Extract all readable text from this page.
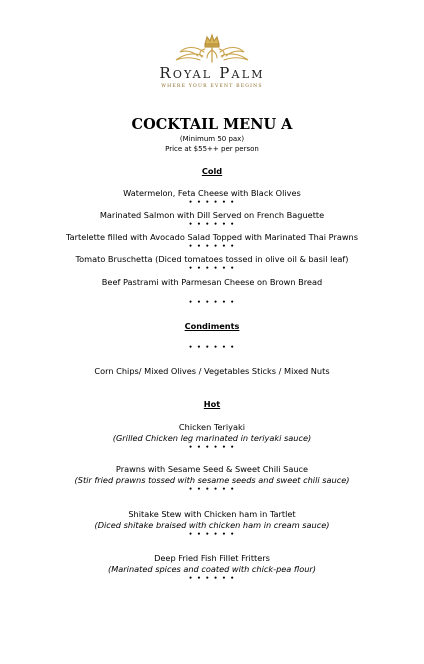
Royal Palm
WHERE YOUR EVENT BEGINS
COCKTAIL MENU A
(Minimum 50 pax)
Price at $55++ per person
Cold
Watermelon, Feta Cheese with Black Olives
• • • • • •
Marinated Salmon with Dill Served on French Baguette
• • • • • •
Tartelette filled with Avocado Salad Topped with Marinated Thai Prawns
• • • • • •
Tomato Bruschetta (Diced tomatoes tossed in olive oil & basil leaf)
• • • • • •
Beef Pastrami with Parmesan Cheese on Brown Bread
• • • • • •
Condiments
• • • • • •
Corn Chips/ Mixed Olives / Vegetables Sticks / Mixed Nuts
Hot
Chicken Teriyaki
(Grilled Chicken leg marinated in teriyaki sauce)
• • • • • •
Prawns with Sesame Seed & Sweet Chili Sauce
(Stir fried prawns tossed with sesame seeds and sweet chili sauce)
• • • • • •
Shitake Stew with Chicken ham in Tartlet
(Diced shitake braised with chicken ham in cream sauce)
• • • • • •
Deep Fried Fish Fillet Fritters
(Marinated spices and coated with chick-pea flour)
• • • • • •
